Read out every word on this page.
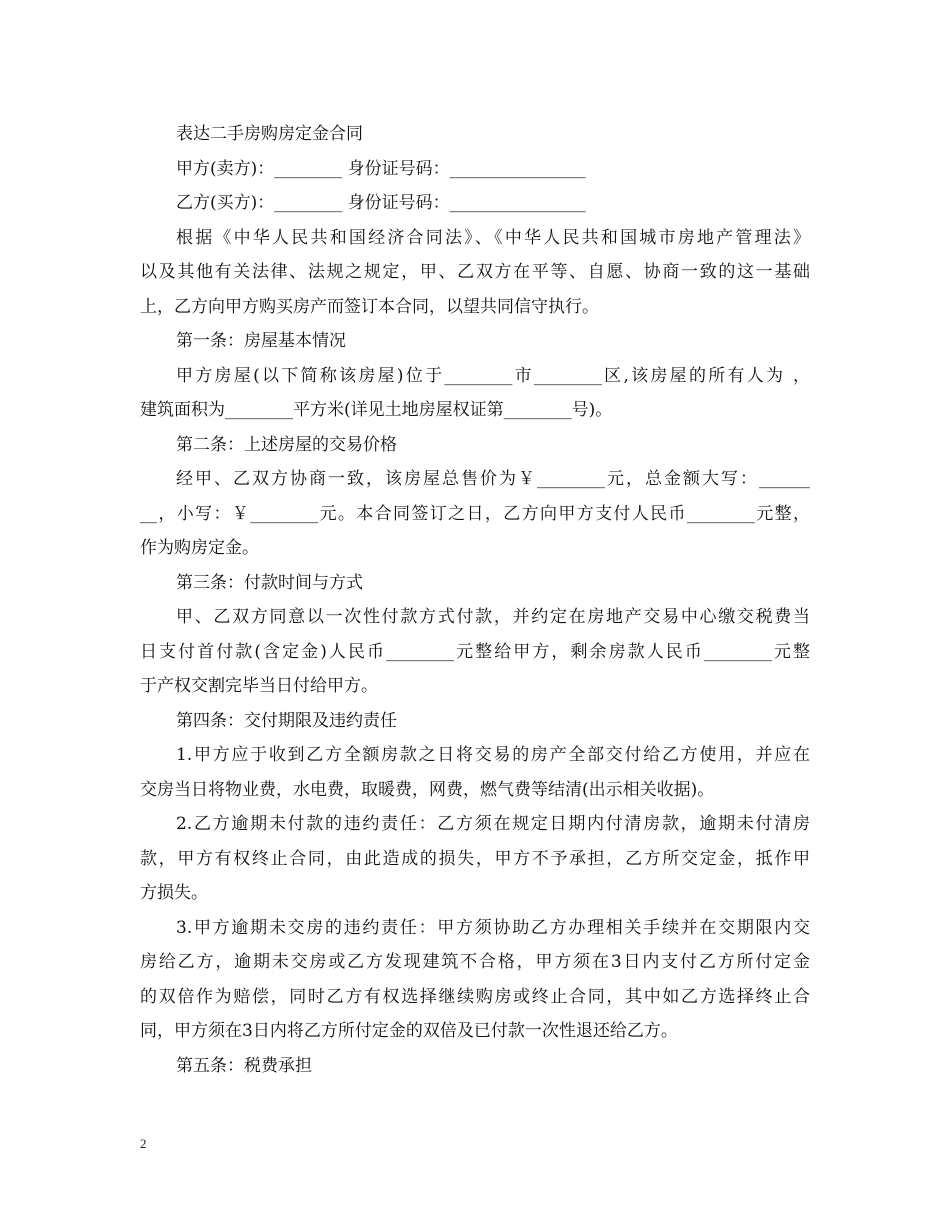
表达二手房购房定金合同
甲方(卖方)：________ 身份证号码：________________
乙方(买方)：________ 身份证号码：________________
根据《中华人民共和国经济合同法》、《中华人民共和国城市房地产管理法》
以及其他有关法律、法规之规定，甲、乙双方在平等、自愿、协商一致的这一基础
上，乙方向甲方购买房产而签订本合同，以望共同信守执行。
第一条：房屋基本情况
甲方房屋(以下简称该房屋)位于________市________区,该房屋的所有人为 ，
建筑面积为________平方米(详见土地房屋权证第________号)。
第二条：上述房屋的交易价格
经甲、乙双方协商一致，该房屋总售价为￥________元，总金额大写：______
__，小写：￥________元。本合同签订之日，乙方向甲方支付人民币________元整，
作为购房定金。
第三条：付款时间与方式
甲、乙双方同意以一次性付款方式付款，并约定在房地产交易中心缴交税费当
日支付首付款(含定金)人民币________元整给甲方，剩余房款人民币________元整
于产权交割完毕当日付给甲方。
第四条：交付期限及违约责任
1.甲方应于收到乙方全额房款之日将交易的房产全部交付给乙方使用，并应在
交房当日将物业费，水电费，取暖费，网费，燃气费等结清(出示相关收据)。
2.乙方逾期未付款的违约责任：乙方须在规定日期内付清房款，逾期未付清房
款，甲方有权终止合同，由此造成的损失，甲方不予承担，乙方所交定金，抵作甲
方损失。
3.甲方逾期未交房的违约责任：甲方须协助乙方办理相关手续并在交期限内交
房给乙方，逾期未交房或乙方发现建筑不合格，甲方须在3日内支付乙方所付定金
的双倍作为赔偿，同时乙方有权选择继续购房或终止合同，其中如乙方选择终止合
同，甲方须在3日内将乙方所付定金的双倍及已付款一次性退还给乙方。
第五条：税费承担
2
